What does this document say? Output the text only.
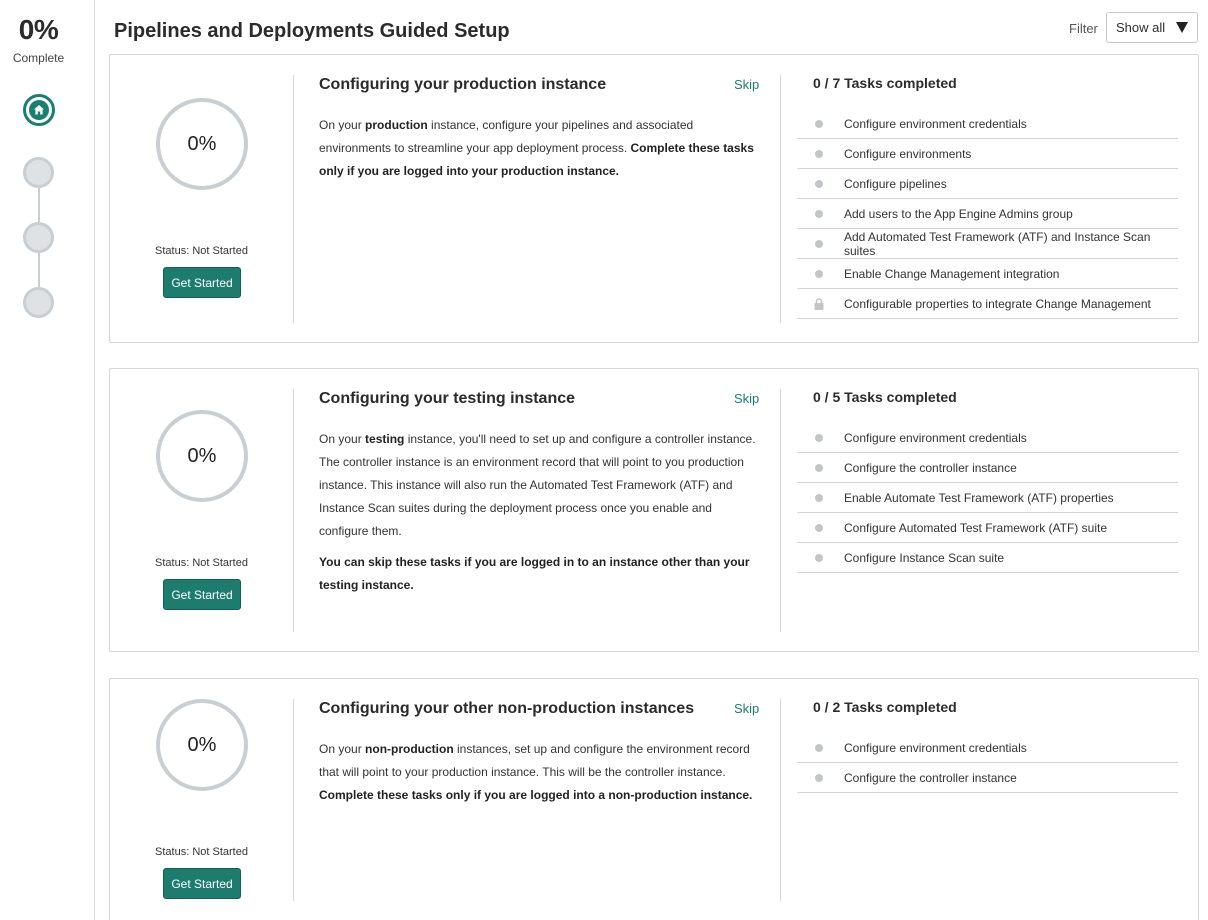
0%
Complete
Pipelines and Deployments Guided Setup	Filter Show all
0%
Status: Not Started
Get Started
Configuring your production instance	Skip

On your production instance, configure your pipelines and associated environments to streamline your app deployment process. Complete these tasks only if you are logged into your production instance.

0 / 7 Tasks completed
Configure environment credentials
Configure environments
Configure pipelines
Add users to the App Engine Admins group
Add Automated Test Framework (ATF) and Instance Scan suites
Enable Change Management integration
Configurable properties to integrate Change Management
0%
Status: Not Started
Get Started
Configuring your testing instance	Skip

On your testing instance, you'll need to set up and configure a controller instance. The controller instance is an environment record that will point to you production instance. This instance will also run the Automated Test Framework (ATF) and Instance Scan suites during the deployment process once you enable and configure them.

You can skip these tasks if you are logged in to an instance other than your testing instance.

0 / 5 Tasks completed
Configure environment credentials
Configure the controller instance
Enable Automate Test Framework (ATF) properties
Configure Automated Test Framework (ATF) suite
Configure Instance Scan suite
0%
Status: Not Started
Get Started
Configuring your other non-production instances	Skip

On your non-production instances, set up and configure the environment record that will point to your production instance. This will be the controller instance. Complete these tasks only if you are logged into a non-production instance.

0 / 2 Tasks completed
Configure environment credentials
Configure the controller instance
